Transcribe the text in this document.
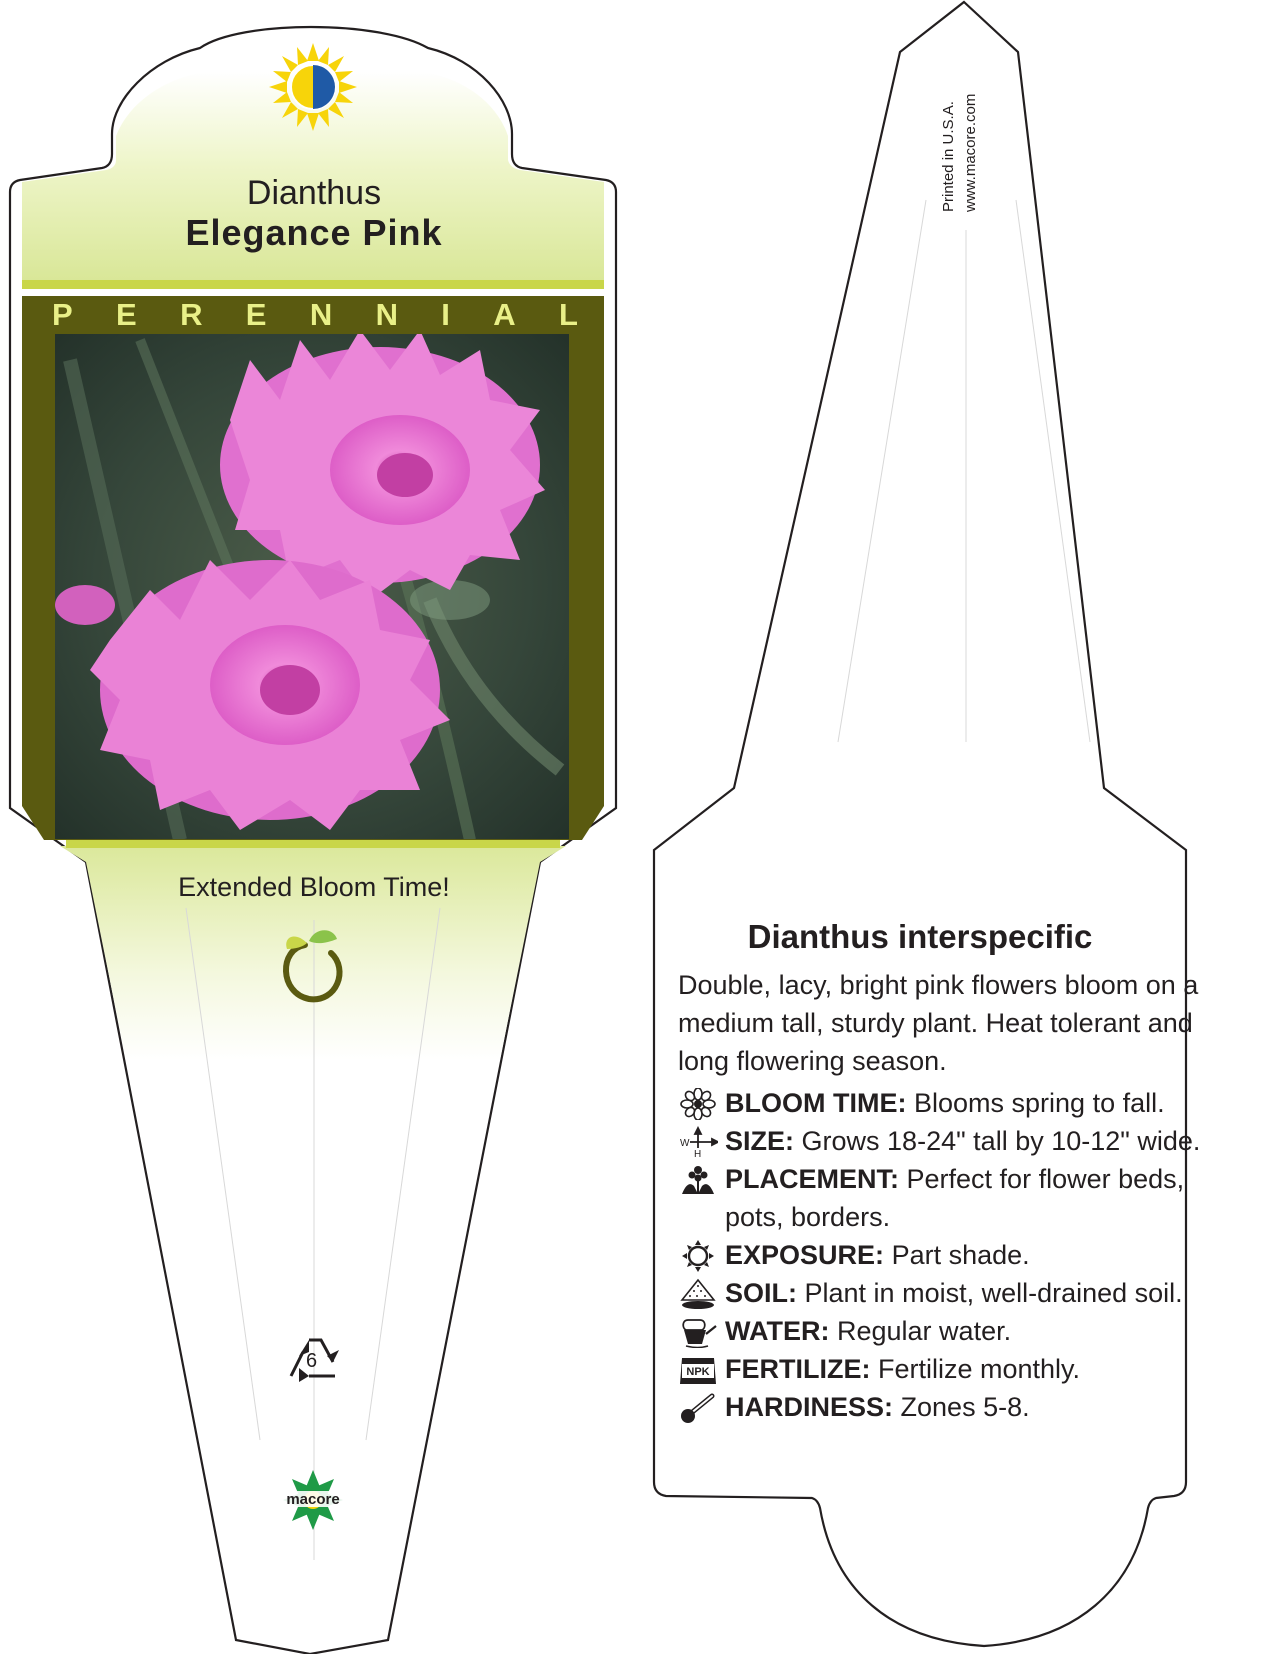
Dianthus
Elegance Pink
P E R E N N I A L
Extended Bloom Time!
6
macore
Printed in U.S.A. www.macore.com
Dianthus interspecific
Double, lacy, bright pink flowers bloom on a medium tall, sturdy plant. Heat tolerant and long flowering season.
BLOOM TIME: Blooms spring to fall.
W
H SIZE: Grows 18-24" tall by 10-12" wide.
PLACEMENT: Perfect for flower beds, pots, borders.
EXPOSURE: Part shade.
SOIL: Plant in moist, well-drained soil.
WATER: Regular water.
NPK FERTILIZE: Fertilize monthly.
HARDINESS: Zones 5-8.
